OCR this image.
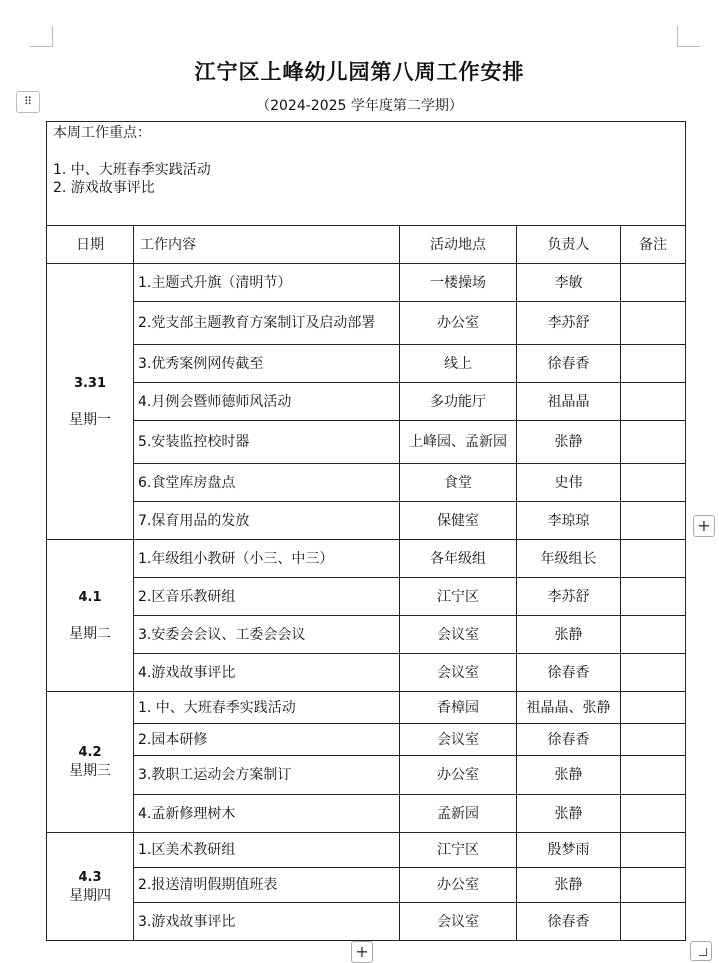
⠿
江宁区上峰幼儿园第八周工作安排
（2024-2025 学年度第二学期）
本周工作重点：
1. 中、大班春季实践活动
2. 游戏故事评比				

日期	工作内容	活动地点	负责人	备注

3.31
星期一	1.主题式升旗（清明节）	一楼操场	李敏	
	2.党支部主题教育方案制订及启动部署	办公室	李苏舒	
	3.优秀案例网传截至	线上	徐春香	
	4.月例会暨师德师风活动	多功能厅	祖晶晶	
	5.安装监控校时器	上峰园、孟新园	张静	
	6.食堂库房盘点	食堂	史伟	
	7.保育用品的发放	保健室	李琼琼	

4.1
星期二	1.年级组小教研（小三、中三）	各年级组	年级组长	
	2.区音乐教研组	江宁区	李苏舒	
	3.安委会会议、工委会会议	会议室	张静	
	4.游戏故事评比	会议室	徐春香	

4.2
星期三	1. 中、大班春季实践活动	香樟园	祖晶晶、张静	
	2.园本研修	会议室	徐春香	
	3.教职工运动会方案制订	办公室	张静	
	4.孟新修理树木	孟新园	张静	

4.3
星期四	1.区美术教研组	江宁区	殷梦雨	
	2.报送清明假期值班表	办公室	张静	
	3.游戏故事评比	会议室	徐春香	
+
+
